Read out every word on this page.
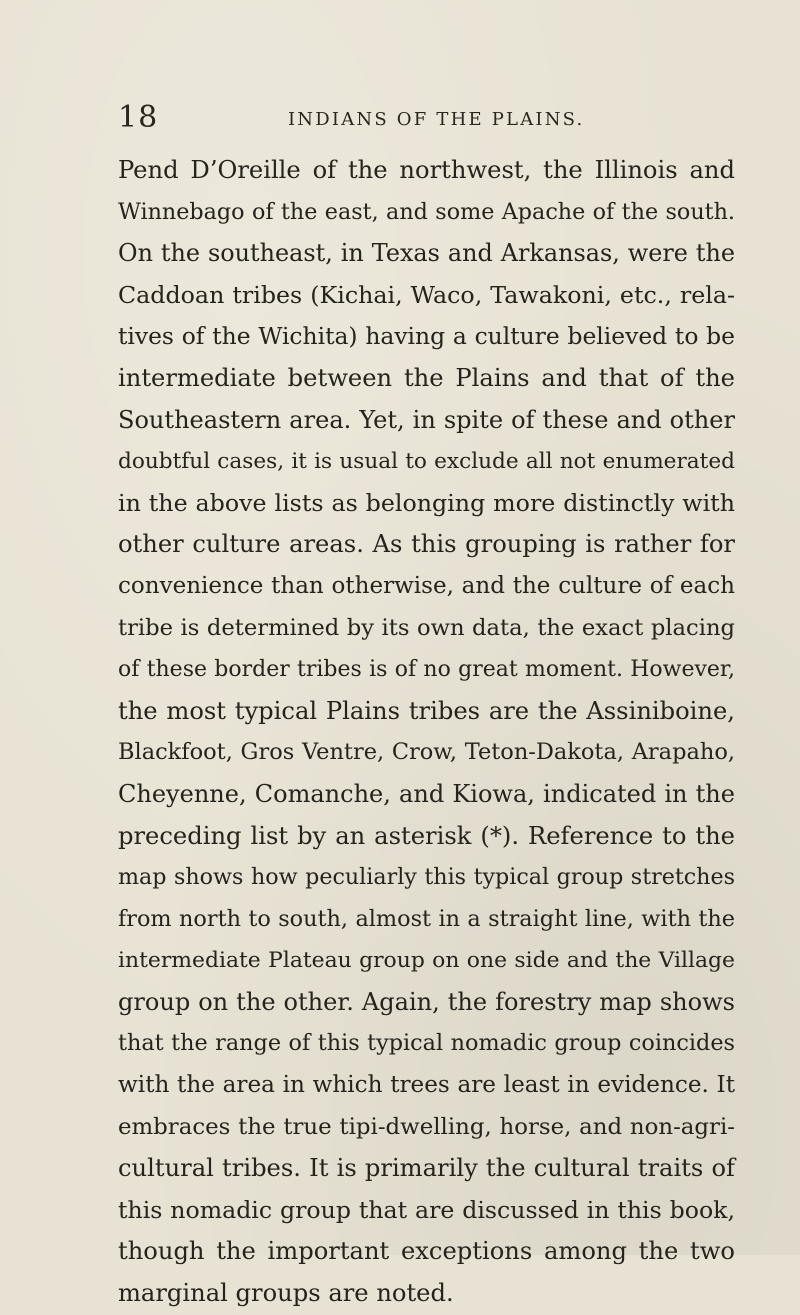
18	INDIANS OF THE PLAINS.
Pend D’Oreille of the northwest, the Illinois and
Winnebago of the east, and some Apache of the south.
On the southeast, in Texas and Arkansas, were the
Caddoan tribes (Kichai, Waco, Tawakoni, etc., rela-
tives of the Wichita) having a culture believed to be
intermediate between the Plains and that of the
Southeastern area. Yet, in spite of these and other
doubtful cases, it is usual to exclude all not enumerated
in the above lists as belonging more distinctly with
other culture areas. As this grouping is rather for
convenience than otherwise, and the culture of each
tribe is determined by its own data, the exact placing
of these border tribes is of no great moment. However,
the most typical Plains tribes are the Assiniboine,
Blackfoot, Gros Ventre, Crow, Teton-Dakota, Arapaho,
Cheyenne, Comanche, and Kiowa, indicated in the
preceding list by an asterisk (*). Reference to the
map shows how peculiarly this typical group stretches
from north to south, almost in a straight line, with the
intermediate Plateau group on one side and the Village
group on the other. Again, the forestry map shows
that the range of this typical nomadic group coincides
with the area in which trees are least in evidence. It
embraces the true tipi-dwelling, horse, and non-agri-
cultural tribes. It is primarily the cultural traits of
this nomadic group that are discussed in this book,
though the important exceptions among the two
marginal groups are noted.
